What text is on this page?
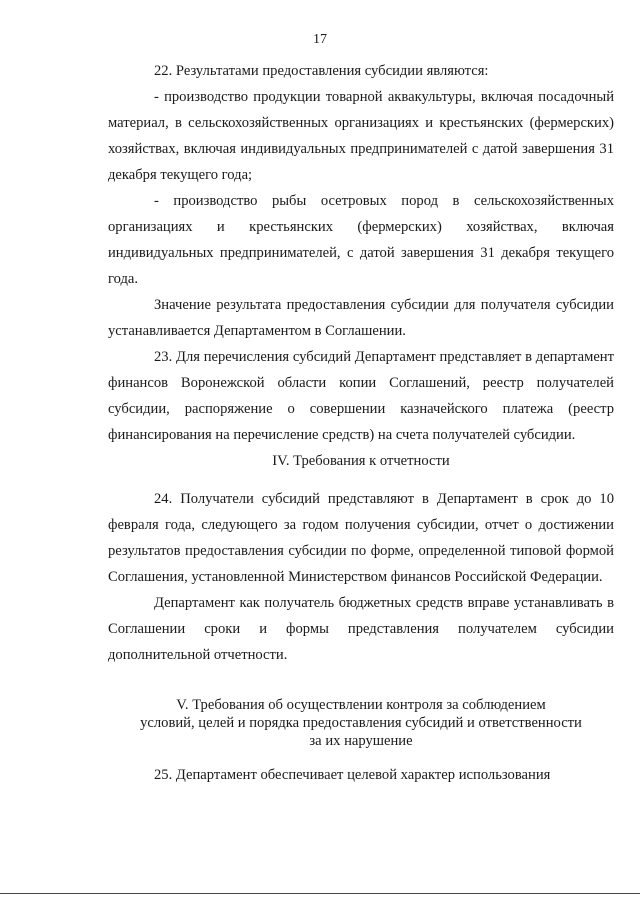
17

22. Результатами предоставления субсидии являются:

- производство продукции товарной аквакультуры, включая посадочный материал, в сельскохозяйственных организациях и крестьянских (фермерских) хозяйствах, включая индивидуальных предпринимателей с датой завершения 31 декабря текущего года;

- производство рыбы осетровых пород в сельскохозяйственных организациях и крестьянских (фермерских) хозяйствах, включая индивидуальных предпринимателей, с датой завершения 31 декабря текущего года.

Значение результата предоставления субсидии для получателя субсидии устанавливается Департаментом в Соглашении.

23. Для перечисления субсидий Департамент представляет в департамент финансов Воронежской области копии Соглашений, реестр получателей субсидии, распоряжение о совершении казначейского платежа (реестр финансирования на перечисление средств) на счета получателей субсидии.

IV. Требования к отчетности

24. Получатели субсидий представляют в Департамент в срок до 10 февраля года, следующего за годом получения субсидии, отчет о достижении результатов предоставления субсидии по форме, определенной типовой формой Соглашения, установленной Министерством финансов Российской Федерации.

Департамент как получатель бюджетных средств вправе устанавливать в Соглашении сроки и формы представления получателем субсидии дополнительной отчетности.

V. Требования об осуществлении контроля за соблюдением

условий, целей и порядка предоставления субсидий и ответственности

за их нарушение

25. Департамент обеспечивает целевой характер использования
